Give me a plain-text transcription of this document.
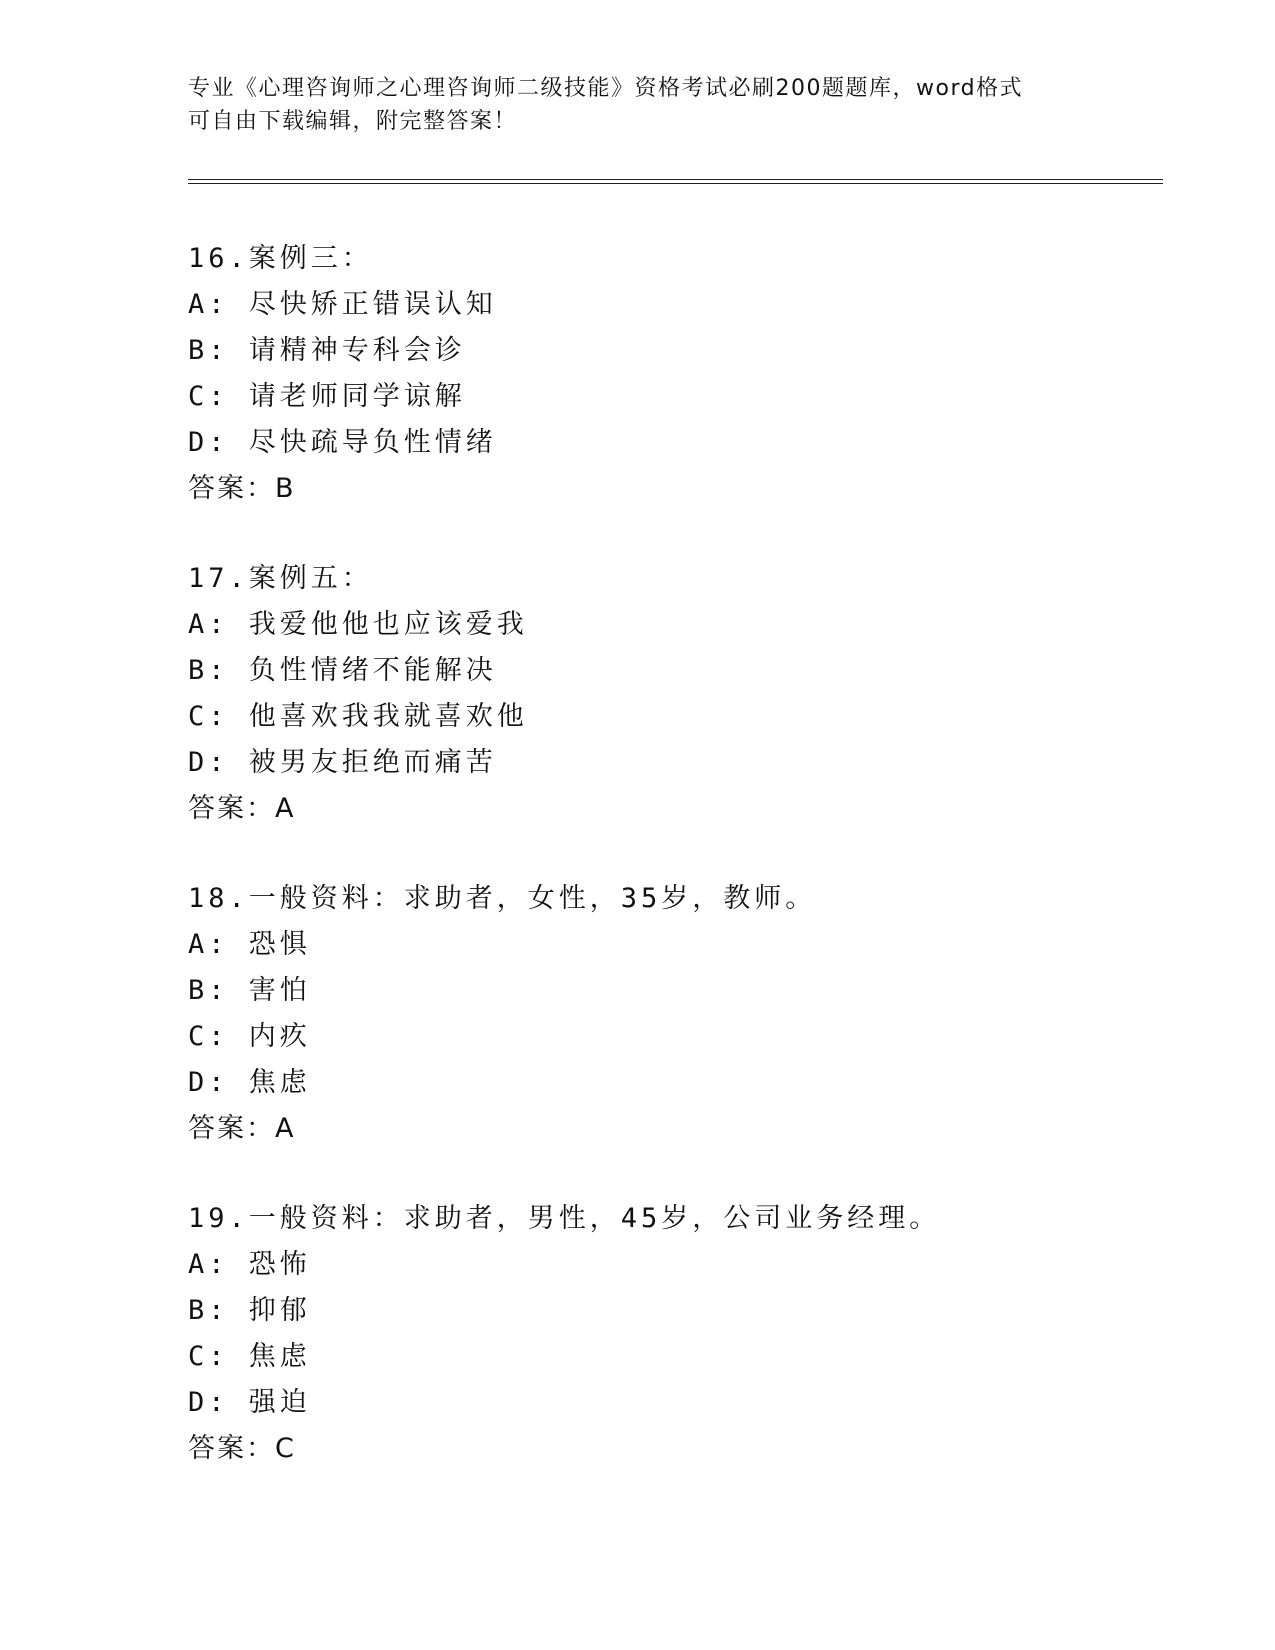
专业《心理咨询师之心理咨询师二级技能》资格考试必刷200题题库，word格式

可自由下载编辑，附完整答案！

16.案例三：
A: 尽快矫正错误认知
B: 请精神专科会诊
C: 请老师同学谅解
D: 尽快疏导负性情绪
答案：B
17.案例五：
A: 我爱他他也应该爱我
B: 负性情绪不能解决
C: 他喜欢我我就喜欢他
D: 被男友拒绝而痛苦
答案：A
18.一般资料：求助者，女性，35岁，教师。
A: 恐惧
B: 害怕
C: 内疚
D: 焦虑
答案：A
19.一般资料：求助者，男性，45岁，公司业务经理。
A: 恐怖
B: 抑郁
C: 焦虑
D: 强迫
答案：C
